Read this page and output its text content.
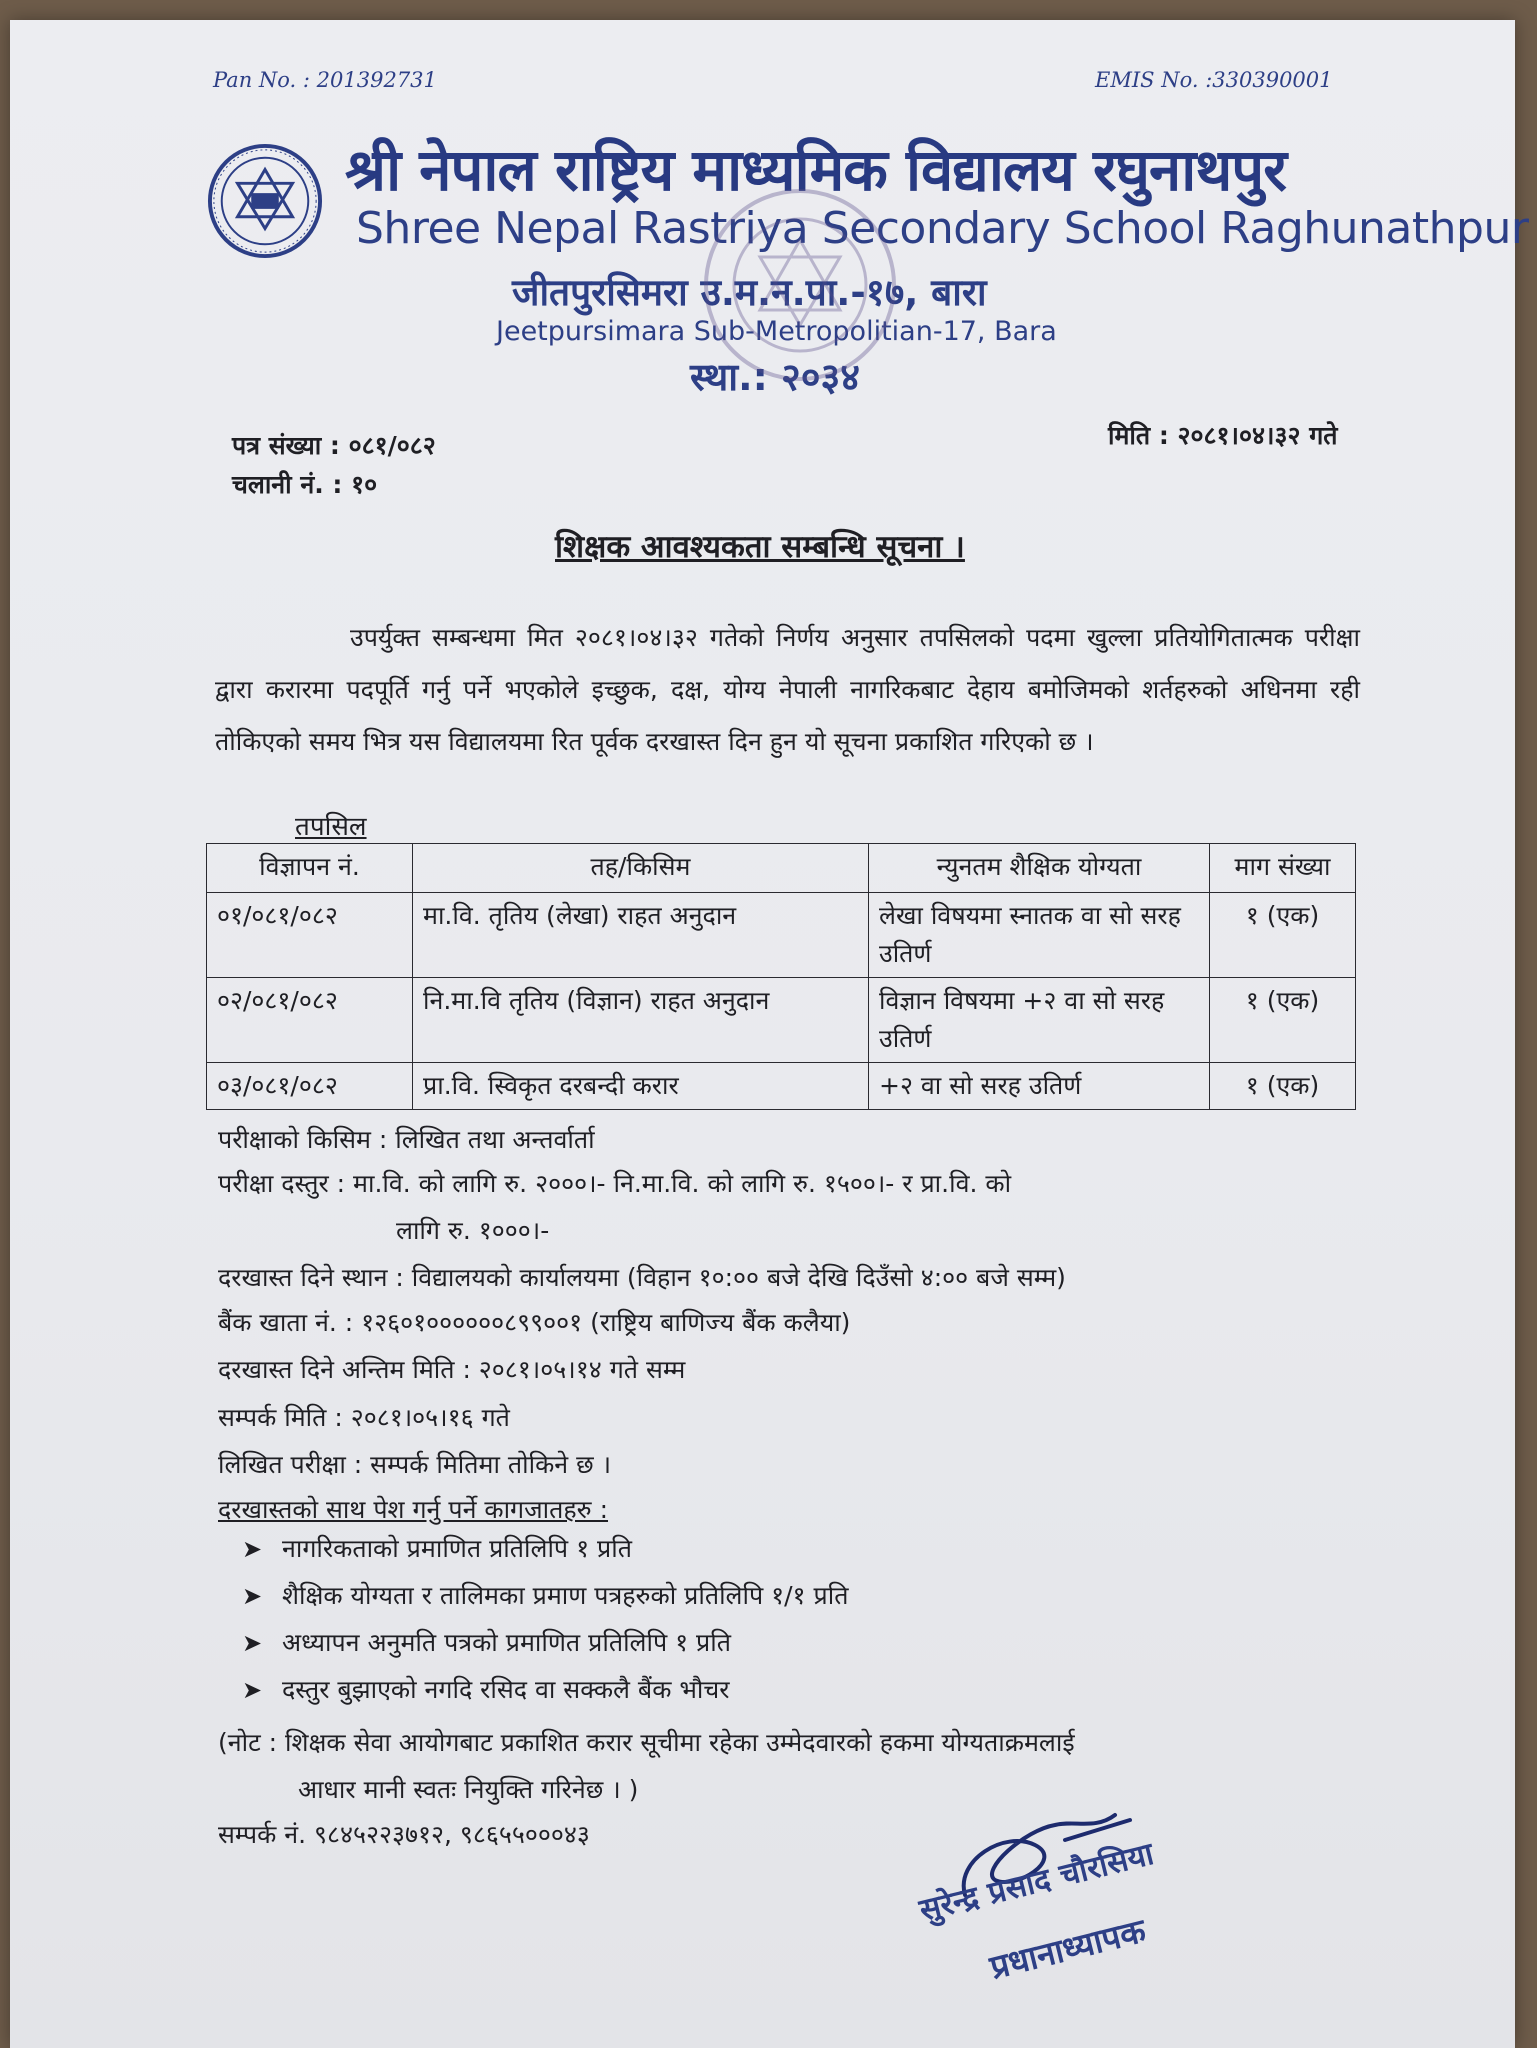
Pan No. : 201392731	EMIS No. :330390001
श्री नेपाल राष्ट्रिय माध्यमिक विद्यालय रघुनाथपुर
Shree Nepal Rastriya Secondary School Raghunathpur
जीतपुरसिमरा उ.म.न.पा.-१७, बारा
Jeetpursimara Sub-Metropolitian-17, Bara
स्था.: २०३४
पत्र संख्या : ०८१/०८२
चलानी नं. : १०
मिति : २०८१।०४।३२ गते
शिक्षक आवश्यकता सम्बन्धि सूचना ।
उपर्युक्त सम्बन्धमा मित २०८१।०४।३२ गतेको निर्णय अनुसार तपसिलको पदमा खुल्ला प्रतियोगितात्मक परीक्षा द्वारा करारमा पदपूर्ति गर्नु पर्ने भएकोले इच्छुक, दक्ष, योग्य नेपाली नागरिकबाट देहाय बमोजिमको शर्तहरुको अधिनमा रही तोकिएको समय भित्र यस विद्यालयमा रित पूर्वक दरखास्त दिन हुन यो सूचना प्रकाशित गरिएको छ ।
तपसिल
विज्ञापन नं.	तह/किसिम	न्युनतम शैक्षिक योग्यता	माग संख्या
०१/०८१/०८२	मा.वि. तृतिय (लेखा) राहत अनुदान	लेखा विषयमा स्नातक वा सो सरह उतिर्ण	१ (एक)
०२/०८१/०८२	नि.मा.वि तृतिय (विज्ञान) राहत अनुदान	विज्ञान विषयमा +२ वा सो सरह उतिर्ण	१ (एक)
०३/०८१/०८२	प्रा.वि. स्विकृत दरबन्दी करार	+२ वा सो सरह उतिर्ण	१ (एक)
परीक्षाको किसिम : लिखित तथा अन्तर्वार्ता
परीक्षा दस्तुर : मा.वि. को लागि रु. २०००।- नि.मा.वि. को लागि रु. १५००।- र प्रा.वि. को
लागि रु. १०००।-
दरखास्त दिने स्थान : विद्यालयको कार्यालयमा (विहान १०:०० बजे देखि दिउँसो ४:०० बजे सम्म)
बैंक खाता नं. : १२६०१००००००८९९००१ (राष्ट्रिय बाणिज्य बैंक कलैया)
दरखास्त दिने अन्तिम मिति : २०८१।०५।१४ गते सम्म
सम्पर्क मिति : २०८१।०५।१६ गते
लिखित परीक्षा : सम्पर्क मितिमा तोकिने छ ।
दरखास्तको साथ पेश गर्नु पर्ने कागजातहरु :
➤ नागरिकताको प्रमाणित प्रतिलिपि १ प्रति
➤ शैक्षिक योग्यता र तालिमका प्रमाण पत्रहरुको प्रतिलिपि १/१ प्रति
➤ अध्यापन अनुमति पत्रको प्रमाणित प्रतिलिपि १ प्रति
➤ दस्तुर बुझाएको नगदि रसिद वा सक्कलै बैंक भौचर
(नोट : शिक्षक सेवा आयोगबाट प्रकाशित करार सूचीमा रहेका उम्मेदवारको हकमा योग्यताक्रमलाई
आधार मानी स्वतः नियुक्ति गरिनेछ । )
सम्पर्क नं. ९८४५२२३७१२, ९८६५५०००४३
सुरेन्द्र प्रसाद चौरसिया
प्रधानाध्यापक
